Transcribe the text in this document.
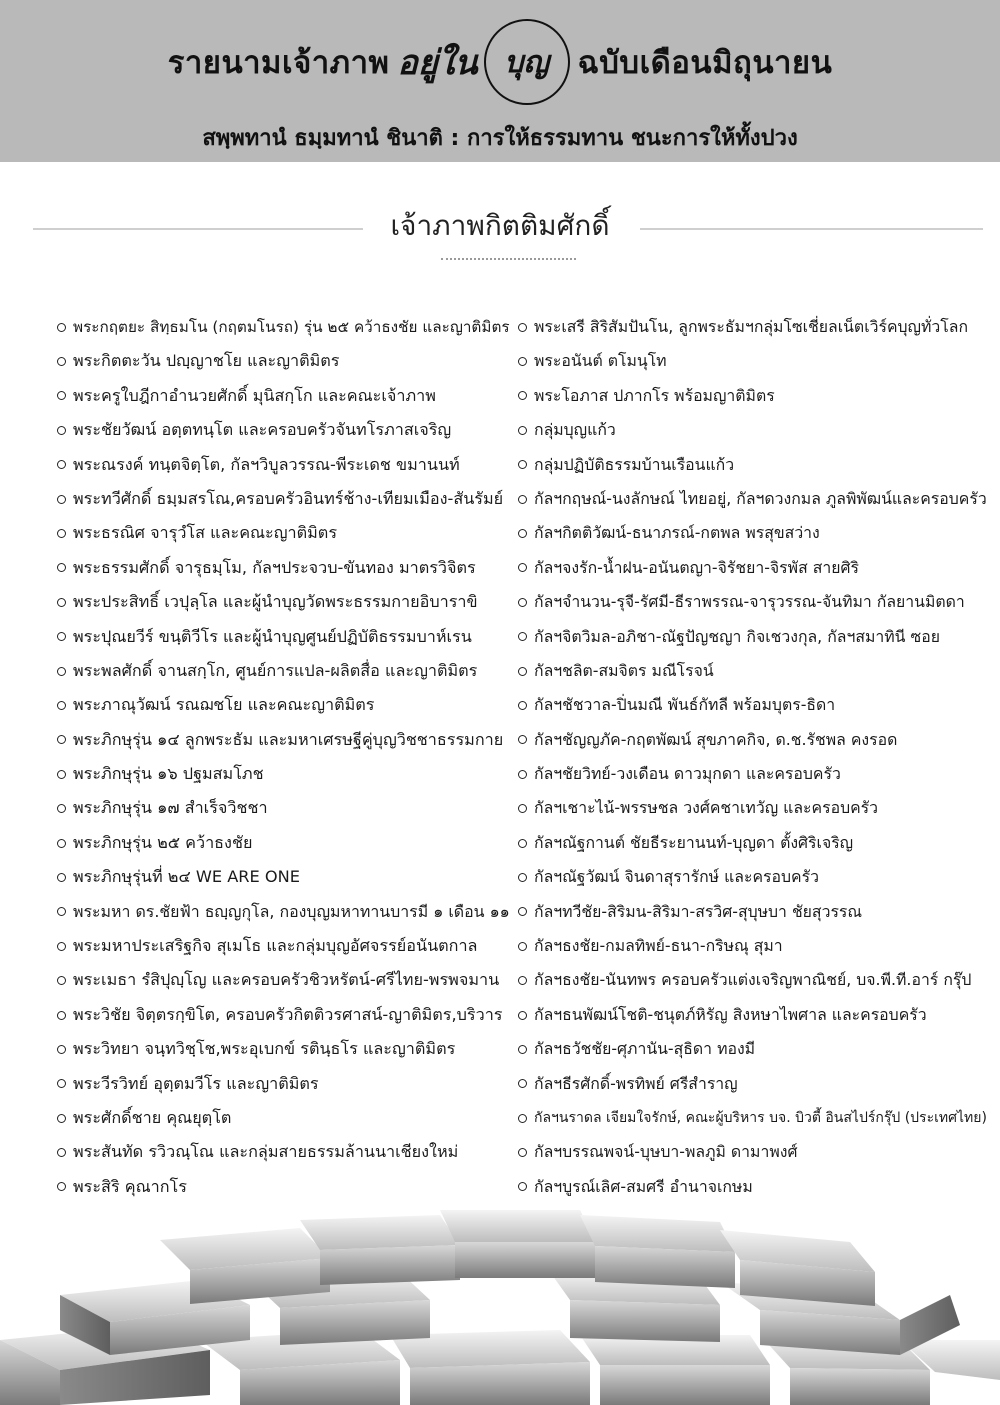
รายนามเจ้าภาพ อยู่ใน บุญ ฉบับเดือนมิถุนายน
สพฺพทานํ ธมฺมทานํ ชินาติ : การให้ธรรมทาน ชนะการให้ทั้งปวง
เจ้าภาพกิตติมศักดิ์
พระกฤตยะ สิทฺธมโน (กฤตมโนรถ) รุ่น ๒๕ คว้าธงชัย และญาติมิตร
พระกิตตะวัน ปญฺญาชโย และญาติมิตร
พระครูใบฎีกาอำนวยศักดิ์ มุนิสกฺโก และคณะเจ้าภาพ
พระชัยวัฒน์ อตฺตทนฺโต และครอบครัวจันทโรภาสเจริญ
พระณรงค์ ทนฺตจิตฺโต, กัลฯวิบูลวรรณ-พีระเดช ขมานนท์
พระทวีศักดิ์ ธมฺมสรโณ,ครอบครัวอินทร์ช้าง-เทียมเมือง-สันรัมย์
พระธรณิศ จารุวํโส และคณะญาติมิตร
พระธรรมศักดิ์ จารุธมฺโม, กัลฯประจวบ-ขันทอง มาตรวิจิตร
พระประสิทธิ์ เวปุลฺโล และผู้นำบุญวัดพระธรรมกายอิบาราขิ
พระปุณยวีร์ ขนฺติวีโร และผู้นำบุญศูนย์ปฏิบัติธรรมบาห์เรน
พระพลศักดิ์ จานสกฺโก, ศูนย์การแปล-ผลิตสื่อ และญาติมิตร
พระภาณุวัฒน์ รณฌชโย และคณะญาติมิตร
พระภิกษุรุ่น ๑๔ ลูกพระธัม และมหาเศรษฐีคู่บุญวิชชาธรรมกาย
พระภิกษุรุ่น ๑๖ ปฐมสมโภช
พระภิกษุรุ่น ๑๗ สำเร็จวิชชา
พระภิกษุรุ่น ๒๕ คว้าธงชัย
พระภิกษุรุ่นที่ ๒๔ WE ARE ONE
พระมหา ดร.ชัยฟ้า ธญฺญกุโล, กองบุญมหาทานบารมี ๑ เดือน ๑๑
พระมหาประเสริฐกิจ สุเมโธ และกลุ่มบุญอัศจรรย์อนันตกาล
พระเมธา รํสิปุญฺโญ และครอบครัวชิวหรัตน์-ศรีไทย-พรพจมาน
พระวิชัย จิตฺตรกฺขิโต, ครอบครัวกิตติวรศาสน์-ญาติมิตร,บริวาร
พระวิทยา จนฺทวิชฺโช,พระอุเบกข์ รตินฺธโร และญาติมิตร
พระวีรวิทย์ อุตฺตมวีโร และญาติมิตร
พระศักดิ์ชาย คุณยุตฺโต
พระสันทัด รวิวณฺโณ และกลุ่มสายธรรมล้านนาเชียงใหม่
พระสิริ คุณากโร
พระเสรี สิริสัมปันโน, ลูกพระธัมฯกลุ่มโซเชี่ยลเน็ตเวิร์คบุญทั่วโลก
พระอนันต์ ตโมนุโท
พระโอภาส ปภากโร พร้อมญาติมิตร
กลุ่มบุญแก้ว
กลุ่มปฏิบัติธรรมบ้านเรือนแก้ว
กัลฯกฤษณ์-นงลักษณ์ ไทยอยู่, กัลฯดวงกมล ภูลพิพัฒน์และครอบครัว
กัลฯกิตติวัฒน์-ธนาภรณ์-กตพล พรสุขสว่าง
กัลฯจงรัก-น้ำฝน-อนันตญา-จิรัชยา-จิรพัส สายศิริ
กัลฯจำนวน-รุจี-รัศมี-ธีราพรรณ-จารุวรรณ-จันทิมา กัลยานมิตดา
กัลฯจิตวิมล-อภิชา-ณัฐปัญชญา กิจเชวงกุล, กัลฯสมาทินี ซอย
กัลฯชลิต-สมจิตร มณีโรจน์
กัลฯชัชวาล-ปิ่นมณี พันธ์กัทลี พร้อมบุตร-ธิดา
กัลฯชัญญภัค-กฤตพัฒน์ สุขภาคกิจ, ด.ช.รัชพล คงรอด
กัลฯชัยวิทย์-วงเดือน ดาวมุกดา และครอบครัว
กัลฯเชาะไน้-พรรษชล วงศ์คชาเทวัญ และครอบครัว
กัลฯณัฐกานต์ ชัยธีระยานนท์-บุญดา ตั้งศิริเจริญ
กัลฯณัฐวัฒน์ จินดาสุรารักษ์ และครอบครัว
กัลฯทวีชัย-สิริมน-สิริมา-สรวิศ-สุบุษบา ชัยสุวรรณ
กัลฯธงชัย-กมลทิพย์-ธนา-กริษณุ สุมา
กัลฯธงชัย-นันทพร ครอบครัวแต่งเจริญพาณิชย์, บจ.พี.ที.อาร์ กรุ๊ป
กัลฯธนพัฒน์โชติ-ชนุตภ์หิรัญ สิงหษาไพศาล และครอบครัว
กัลฯธวัชชัย-ศุภานัน-สุธิดา ทองมี
กัลฯธีรศักดิ์-พรทิพย์ ศรีสำราญ
กัลฯนราดล เจียมใจรักษ์, คณะผู้บริหาร บจ. บิวตี้ อินสไปร์กรุ๊ป (ประเทศไทย)
กัลฯบรรณพจน์-บุษบา-พลภูมิ ดามาพงศ์
กัลฯบูรณ์เลิศ-สมศรี อำนาจเกษม
